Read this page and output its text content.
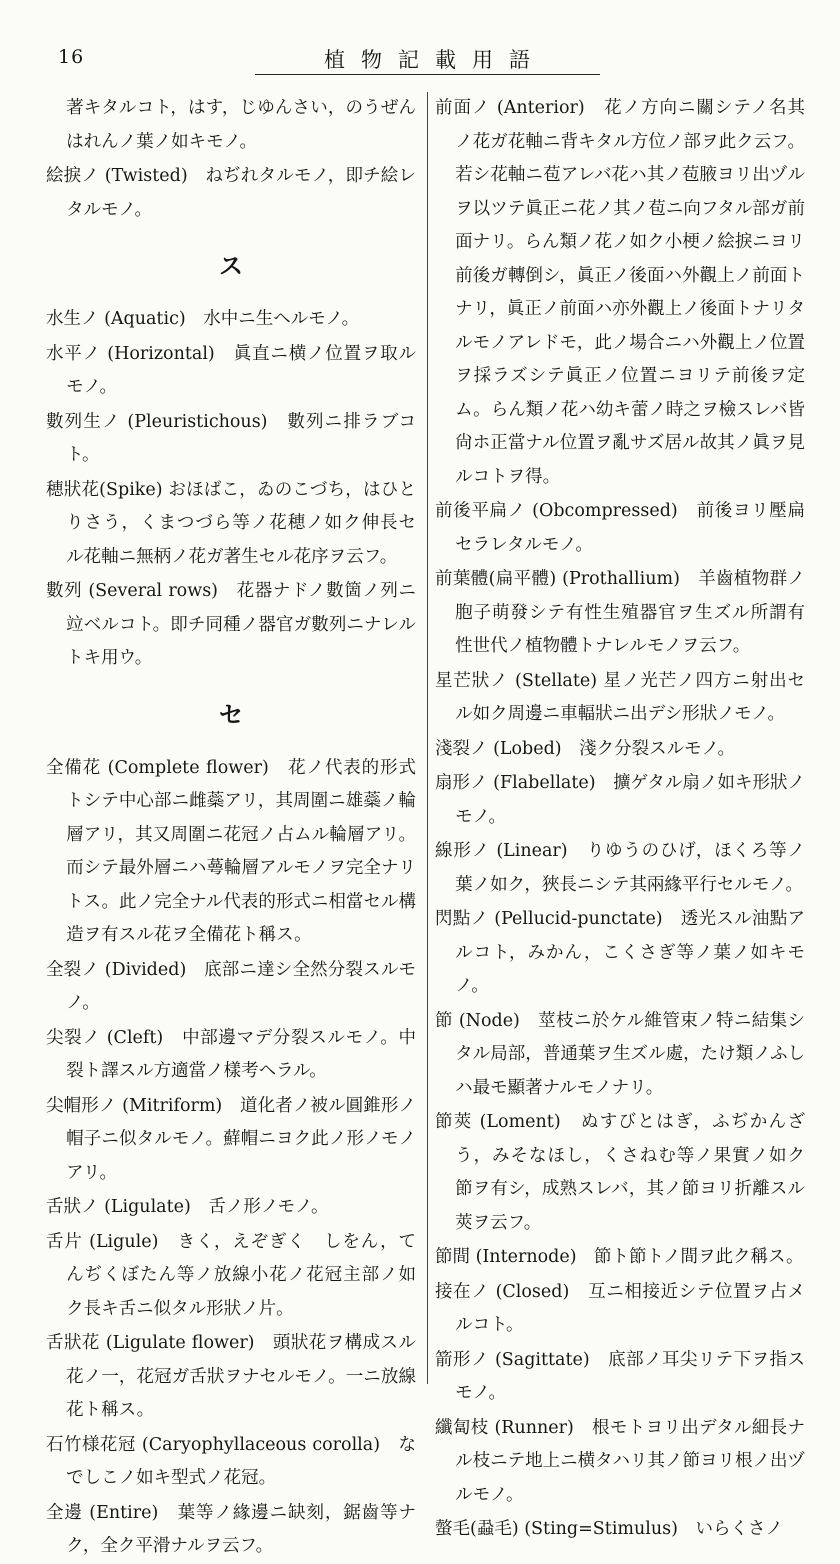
16	植物記載用語

著キタルコト，はす，じゆんさい，のうぜんはれんノ葉ノ如キモノ。

絵捩ノ (Twisted)　ねぢれタルモノ，即チ絵レタルモノ。

ス

水生ノ (Aquatic)　水中ニ生ヘルモノ。

水平ノ (Horizontal)　眞直ニ横ノ位置ヲ取ルモノ。

數列生ノ (Pleuristichous)　數列ニ排ラブコト。

穂狀花(Spike) おほばこ，ゐのこづち，はひとりさう，くまつづら等ノ花穂ノ如ク伸長セル花軸ニ無柄ノ花ガ著生セル花序ヲ云フ。

數列 (Several rows)　花器ナドノ數箇ノ列ニ竝ベルコト。即チ同種ノ器官ガ數列ニナレルトキ用ウ。

セ

全備花 (Complete flower)　花ノ代表的形式トシテ中心部ニ雌蘂アリ，其周圍ニ雄蘂ノ輪層アリ，其又周圍ニ花冠ノ占ムル輪層アリ。而シテ最外層ニハ蕚輪層アルモノヲ完全ナリトス。此ノ完全ナル代表的形式ニ相當セル構造ヲ有スル花ヲ全備花ト稱ス。

全裂ノ (Divided)　底部ニ達シ全然分裂スルモノ。

尖裂ノ (Cleft)　中部邊マデ分裂スルモノ。中裂ト譯スル方適當ノ樣考ヘラル。

尖帽形ノ (Mitriform)　道化者ノ被ル圓錐形ノ帽子ニ似タルモノ。蘚帽ニヨク此ノ形ノモノアリ。

舌狀ノ (Ligulate)　舌ノ形ノモノ。

舌片 (Ligule)　きく，えぞぎく　しをん，てんぢくぼたん等ノ放線小花ノ花冠主部ノ如ク長キ舌ニ似タル形狀ノ片。

舌狀花 (Ligulate flower)　頭狀花ヲ構成スル花ノ一，花冠ガ舌狀ヲナセルモノ。一ニ放線花ト稱ス。

石竹様花冠 (Caryophyllaceous corolla)　なでしこノ如キ型式ノ花冠。

全邊 (Entire)　葉等ノ緣邊ニ缺刻，鋸齒等ナク，全ク平滑ナルヲ云フ。

前面ノ (Anterior)　花ノ方向ニ關シテノ名其ノ花ガ花軸ニ背キタル方位ノ部ヲ此ク云フ。若シ花軸ニ苞アレバ花ハ其ノ苞腋ヨリ出ヅルヲ以ツテ眞正ニ花ノ其ノ苞ニ向フタル部ガ前面ナリ。らん類ノ花ノ如ク小梗ノ絵捩ニヨリ前後ガ轉倒シ，眞正ノ後面ハ外觀上ノ前面トナリ，眞正ノ前面ハ亦外觀上ノ後面トナリタルモノアレドモ，此ノ場合ニハ外觀上ノ位置ヲ採ラズシテ眞正ノ位置ニヨリテ前後ヲ定ム。らん類ノ花ハ幼キ蕾ノ時之ヲ檢スレバ皆尙ホ正當ナル位置ヲ亂サズ居ル故其ノ眞ヲ見ルコトヲ得。

前後平扁ノ (Obcompressed)　前後ヨリ壓扁セラレタルモノ。

前葉體(扁平體) (Prothallium)　羊齒植物群ノ胞子萌發シテ有性生殖器官ヲ生ズル所謂有性世代ノ植物體トナレルモノヲ云フ。

星芒狀ノ (Stellate) 星ノ光芒ノ四方ニ射出セル如ク周邊ニ車輻狀ニ出デシ形狀ノモノ。

淺裂ノ (Lobed)　淺ク分裂スルモノ。

扇形ノ (Flabellate)　擴ゲタル扇ノ如キ形狀ノモノ。

線形ノ (Linear)　りゆうのひげ，ほくろ等ノ葉ノ如ク，狹長ニシテ其兩緣平行セルモノ。

閃點ノ (Pellucid-punctate)　透光スル油點アルコト，みかん，こくさぎ等ノ葉ノ如キモノ。

節 (Node)　莖枝ニ於ケル維管束ノ特ニ結集シタル局部，普通葉ヲ生ズル處，たけ類ノふしハ最モ顯著ナルモノナリ。

節莢 (Loment)　ぬすびとはぎ，ふぢかんざう，みそなほし，くさねむ等ノ果實ノ如ク節ヲ有シ，成熟スレバ，其ノ節ヨリ折離スル莢ヲ云フ。

節間 (Internode)　節ト節トノ間ヲ此ク稱ス。

接在ノ (Closed)　互ニ相接近シテ位置ヲ占メルコト。

箭形ノ (Sagittate)　底部ノ耳尖リテ下ヲ指スモノ。

纖匐枝 (Runner)　根モトヨリ出デタル細長ナル枝ニテ地上ニ横タハリ其ノ節ヨリ根ノ出ヅルモノ。

螫毛(蝨毛) (Sting=Stimulus)　いらくさノ
